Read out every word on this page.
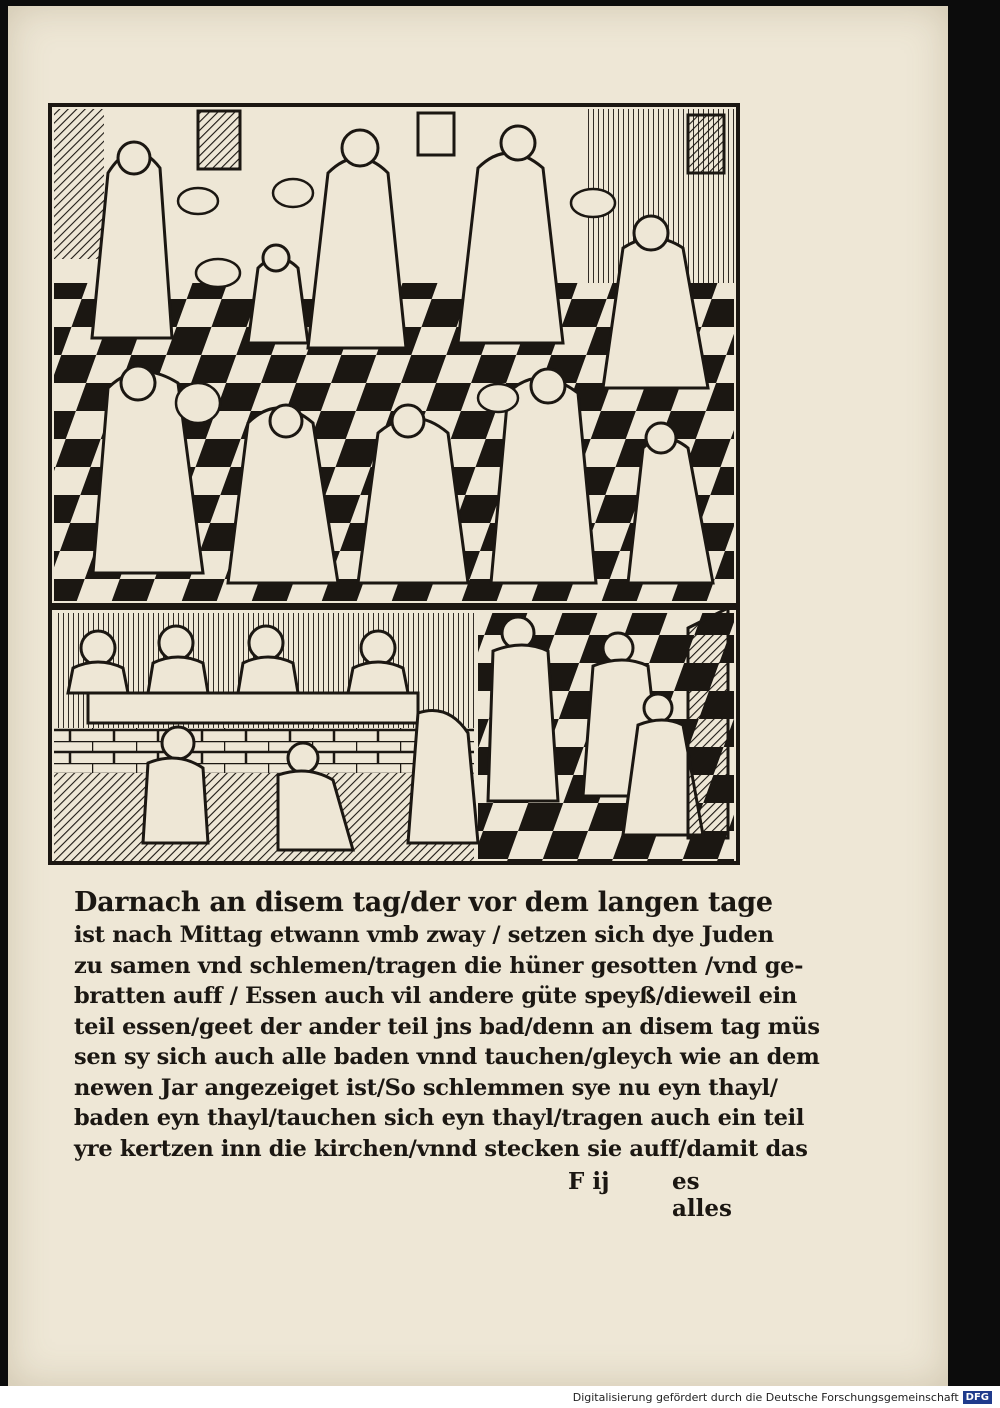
Darnach an disem tag/der vor dem langen tage
ist nach Mittag etwann vmb zway / setzen sich dye Juden
zu samen vnd schlemen/tragen die hüner gesotten /vnd ge-
bratten auff / Essen auch vil andere güte speyß/dieweil ein
teil essen/geet der ander teil jns bad/denn an disem tag müs
sen sy sich auch alle baden vnnd tauchen/gleych wie an dem
newen Jar angezeiget ist/So schlemmen sye nu eyn thayl/
baden eyn thayl/tauchen sich eyn thayl/tragen auch ein teil
yre kertzen inn die kirchen/vnnd stecken sie auff/damit das
F ij	es alles
Digitalisierung gefördert durch die Deutsche Forschungsgemeinschaft DFG
